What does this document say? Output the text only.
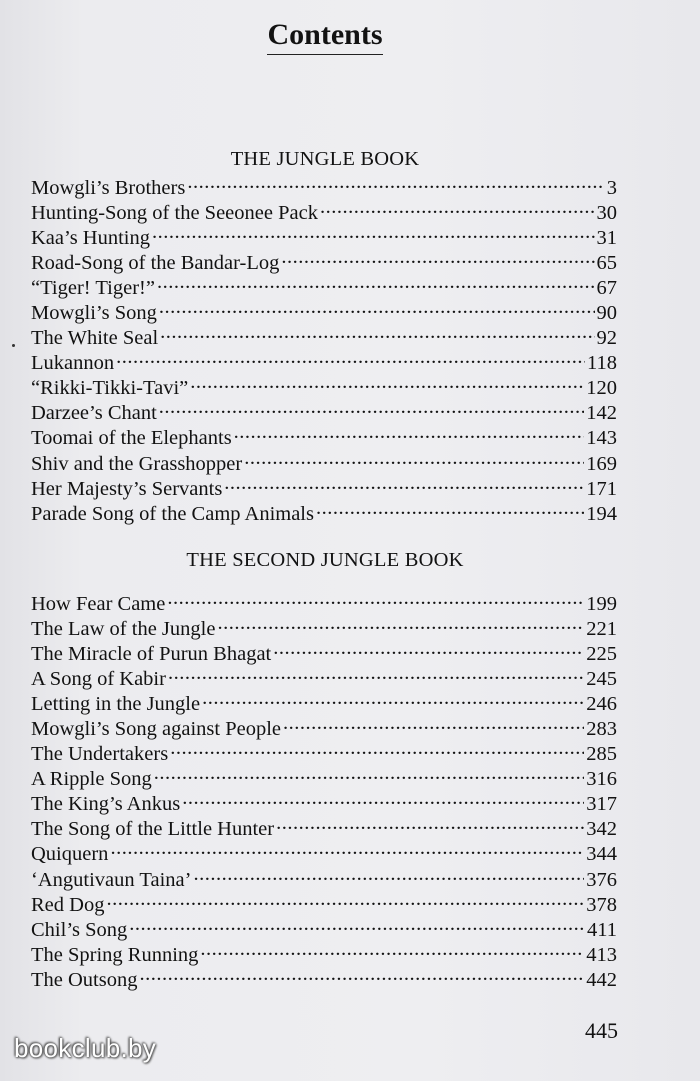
Contents
THE JUNGLE BOOK
Mowgli’s Brothers .....	3
Hunting-Song of the Seeonee Pack .....	30
Kaa’s Hunting .....	31
Road-Song of the Bandar-Log .....	65
“Tiger! Tiger!” .....	67
Mowgli’s Song .....	90
The White Seal .....	92
Lukannon .....	118
“Rikki-Tikki-Tavi” .....	120
Darzee’s Chant .....	142
Toomai of the Elephants .....	143
Shiv and the Grasshopper .....	169
Her Majesty’s Servants .....	171
Parade Song of the Camp Animals .....	194
THE SECOND JUNGLE BOOK
How Fear Came .....	199
The Law of the Jungle .....	221
The Miracle of Purun Bhagat .....	225
A Song of Kabir .....	245
Letting in the Jungle .....	246
Mowgli’s Song against People .....	283
The Undertakers .....	285
A Ripple Song .....	316
The King’s Ankus .....	317
The Song of the Little Hunter .....	342
Quiquern .....	344
‘Angutivaun Taina’ .....	376
Red Dog .....	378
Chil’s Song .....	411
The Spring Running .....	413
The Outsong .....	442
445
bookclub.by
